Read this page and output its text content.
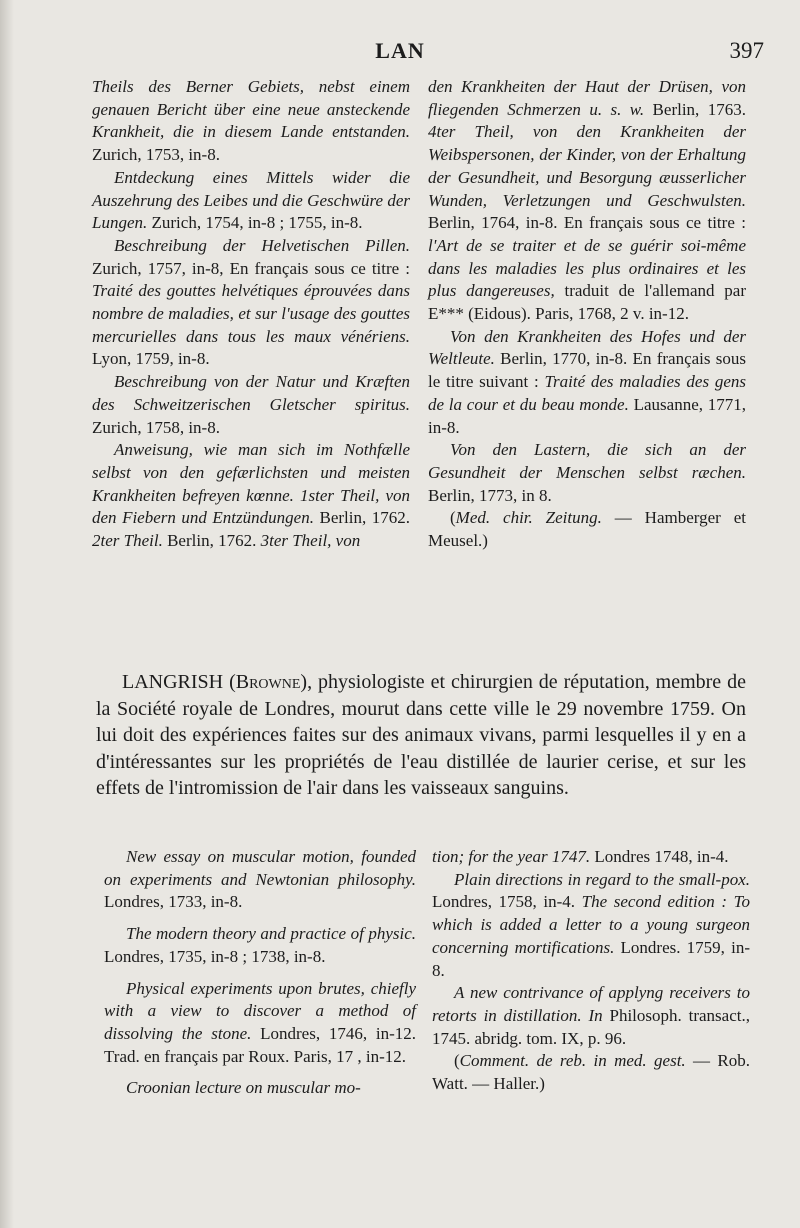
LAN	397

Theils des Berner Gebiets, nebst einem genauen Bericht über eine neue ansteckende Krankheit, die in diesem Lande entstanden. Zurich, 1753, in-8.

Entdeckung eines Mittels wider die Auszehrung des Leibes und die Geschwüre der Lungen. Zurich, 1754, in-8 ; 1755, in-8.

Beschreibung der Helvetischen Pillen. Zurich, 1757, in-8, En français sous ce titre : Traité des gouttes helvétiques éprouvées dans nombre de maladies, et sur l'usage des gouttes mercurielles dans tous les maux vénériens. Lyon, 1759, in-8.

Beschreibung von der Natur und Kræften des Schweitzerischen Gletscher spiritus. Zurich, 1758, in-8.

Anweisung, wie man sich im Nothfælle selbst von den gefærlichsten und meisten Krankheiten befreyen kœnne. 1ster Theil, von den Fiebern und Entzündungen. Berlin, 1762. 2ter Theil. Berlin, 1762. 3ter Theil, von

den Krankheiten der Haut der Drüsen, von fliegenden Schmerzen u. s. w. Berlin, 1763. 4ter Theil, von den Krankheiten der Weibspersonen, der Kinder, von der Erhaltung der Gesundheit, und Besorgung æusserlicher Wunden, Verletzungen und Geschwulsten. Berlin, 1764, in-8. En français sous ce titre : l'Art de se traiter et de se guérir soi-même dans les maladies les plus ordinaires et les plus dangereuses, traduit de l'allemand par E*** (Eidous). Paris, 1768, 2 v. in-12.

Von den Krankheiten des Hofes und der Weltleute. Berlin, 1770, in-8. En français sous le titre suivant : Traité des maladies des gens de la cour et du beau monde. Lausanne, 1771, in-8.

Von den Lastern, die sich an der Gesundheit der Menschen selbst ræchen. Berlin, 1773, in 8.

(Med. chir. Zeitung. — Hamberger et Meusel.)

LANGRISH (Browne), physiologiste et chirurgien de réputation, membre de la Société royale de Londres, mourut dans cette ville le 29 novembre 1759. On lui doit des expériences faites sur des animaux vivans, parmi lesquelles il y en a d'intéressantes sur les propriétés de l'eau distillée de laurier cerise, et sur les effets de l'intromission de l'air dans les vaisseaux sanguins.

New essay on muscular motion, founded on experiments and Newtonian philosophy. Londres, 1733, in-8.

The modern theory and practice of physic. Londres, 1735, in-8 ; 1738, in-8.

Physical experiments upon brutes, chiefly with a view to discover a method of dissolving the stone. Londres, 1746, in-12. Trad. en français par Roux. Paris, 17 , in-12.

Croonian lecture on muscular mo-

tion; for the year 1747. Londres 1748, in-4.

Plain directions in regard to the small-pox. Londres, 1758, in-4. The second edition : To which is added a letter to a young surgeon concerning mortifications. Londres. 1759, in-8.

A new contrivance of applyng receivers to retorts in distillation. In Philosoph. transact., 1745. abridg. tom. IX, p. 96.

(Comment. de reb. in med. gest. — Rob. Watt. — Haller.)
